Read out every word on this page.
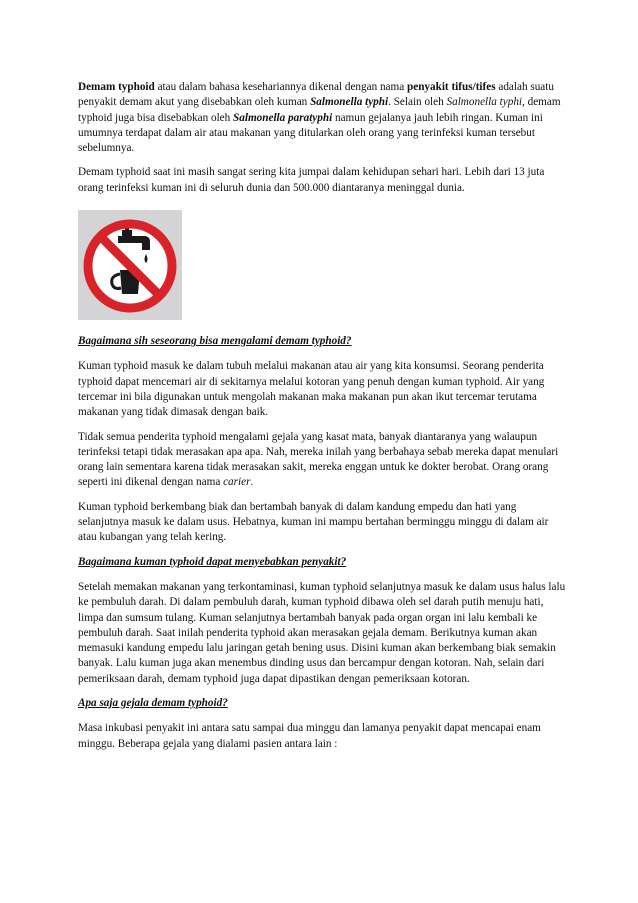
Demam typhoid atau dalam bahasa kesehariannya dikenal dengan nama penyakit tifus/tifes adalah suatu penyakit demam akut yang disebabkan oleh kuman Salmonella typhi. Selain oleh Salmonella typhi, demam typhoid juga bisa disebabkan oleh Salmonella paratyphi namun gejalanya jauh lebih ringan. Kuman ini umumnya terdapat dalam air atau makanan yang ditularkan oleh orang yang terinfeksi kuman tersebut sebelumnya.

Demam typhoid saat ini masih sangat sering kita jumpai dalam kehidupan sehari hari. Lebih dari 13 juta orang terinfeksi kuman ini di seluruh dunia dan 500.000 diantaranya meninggal dunia.

Bagaimana sih seseorang bisa mengalami demam typhoid?

Kuman typhoid masuk ke dalam tubuh melalui makanan atau air yang kita konsumsi. Seorang penderita typhoid dapat mencemari air di sekitarnya melalui kotoran yang penuh dengan kuman typhoid. Air yang tercemar ini bila digunakan untuk mengolah makanan maka makanan pun akan ikut tercemar terutama makanan yang tidak dimasak dengan baik.

Tidak semua penderita typhoid mengalami gejala yang kasat mata, banyak diantaranya yang walaupun terinfeksi tetapi tidak merasakan apa apa. Nah, mereka inilah yang berbahaya sebab mereka dapat menulari orang lain sementara karena tidak merasakan sakit, mereka enggan untuk ke dokter berobat. Orang orang seperti ini dikenal dengan nama carier.

Kuman typhoid berkembang biak dan bertambah banyak di dalam kandung empedu dan hati yang selanjutnya masuk ke dalam usus. Hebatnya, kuman ini mampu bertahan berminggu minggu di dalam air atau kubangan yang telah kering.

Bagaimana kuman typhoid dapat menyebabkan penyakit?

Setelah memakan makanan yang terkontaminasi, kuman typhoid selanjutnya masuk ke dalam usus halus lalu ke pembuluh darah. Di dalam pembuluh darah, kuman typhoid dibawa oleh sel darah putih menuju hati, limpa dan sumsum tulang. Kuman selanjutnya bertambah banyak pada organ organ ini lalu kembali ke pembuluh darah. Saat inilah penderita typhoid akan merasakan gejala demam. Berikutnya kuman akan memasuki kandung empedu lalu jaringan getah bening usus. Disini kuman akan berkembang biak semakin banyak. Lalu kuman juga akan menembus dinding usus dan bercampur dengan kotoran. Nah, selain dari pemeriksaan darah, demam typhoid juga dapat dipastikan dengan pemeriksaan kotoran.

Apa saja gejala demam typhoid?

Masa inkubasi penyakit ini antara satu sampai dua minggu dan lamanya penyakit dapat mencapai enam minggu. Beberapa gejala yang dialami pasien antara lain :
